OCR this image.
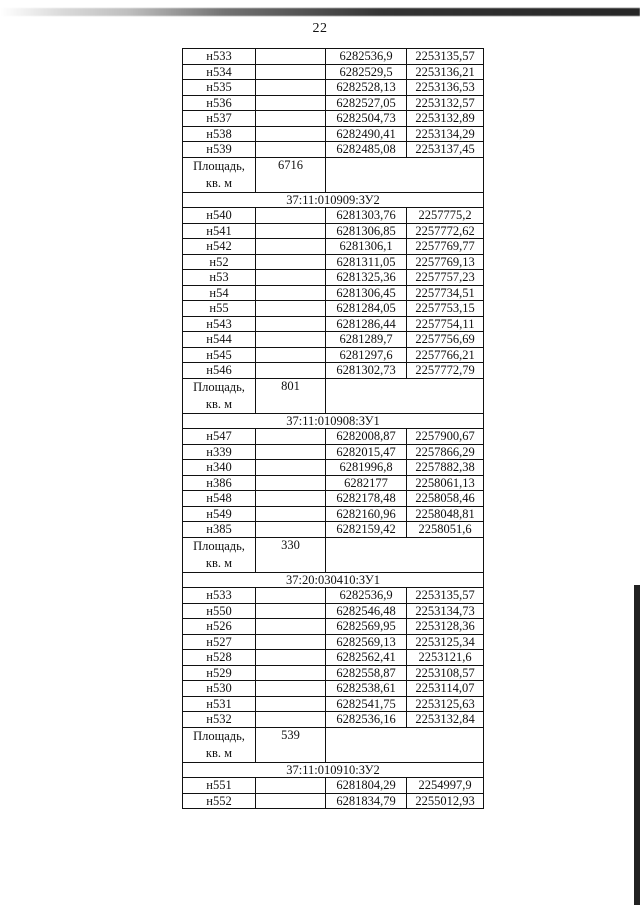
22
н533		6282536,9	2253135,57
н534		6282529,5	2253136,21
н535		6282528,13	2253136,53
н536		6282527,05	2253132,57
н537		6282504,73	2253132,89
н538		6282490,41	2253134,29
н539		6282485,08	2253137,45
Площадь, кв. м	6716		
37:11:010909:ЗУ2			
н540		6281303,76	2257775,2
н541		6281306,85	2257772,62
н542		6281306,1	2257769,77
н52		6281311,05	2257769,13
н53		6281325,36	2257757,23
н54		6281306,45	2257734,51
н55		6281284,05	2257753,15
н543		6281286,44	2257754,11
н544		6281289,7	2257756,69
н545		6281297,6	2257766,21
н546		6281302,73	2257772,79
Площадь, кв. м	801		
37:11:010908:ЗУ1			
н547		6282008,87	2257900,67
н339		6282015,47	2257866,29
н340		6281996,8	2257882,38
н386		6282177	2258061,13
н548		6282178,48	2258058,46
н549		6282160,96	2258048,81
н385		6282159,42	2258051,6
Площадь, кв. м	330		
37:20:030410:ЗУ1			
н533		6282536,9	2253135,57
н550		6282546,48	2253134,73
н526		6282569,95	2253128,36
н527		6282569,13	2253125,34
н528		6282562,41	2253121,6
н529		6282558,87	2253108,57
н530		6282538,61	2253114,07
н531		6282541,75	2253125,63
н532		6282536,16	2253132,84
Площадь, кв. м	539		
37:11:010910:ЗУ2			
н551		6281804,29	2254997,9
н552		6281834,79	2255012,93
